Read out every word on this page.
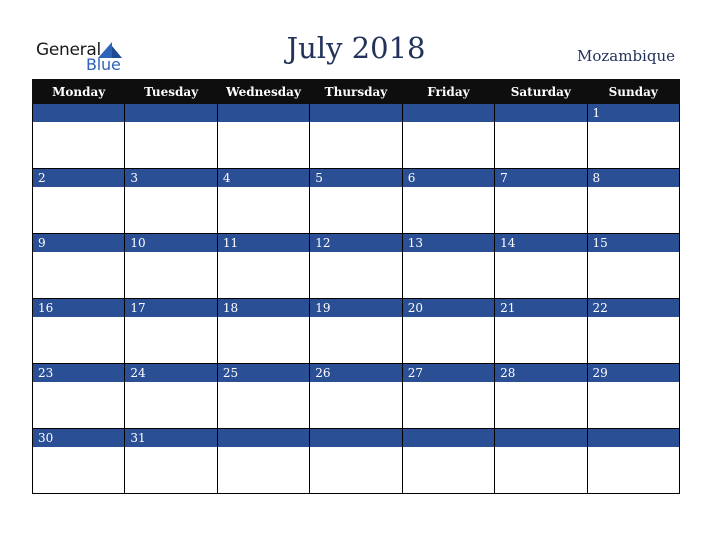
General
Blue	July 2018	Mozambique
Monday	Tuesday	Wednesday	Thursday	Friday	Saturday	Sunday

						1

2	3	4	5	6	7	8

9	10	11	12	13	14	15

16	17	18	19	20	21	22

23	24	25	26	27	28	29

30	31					
